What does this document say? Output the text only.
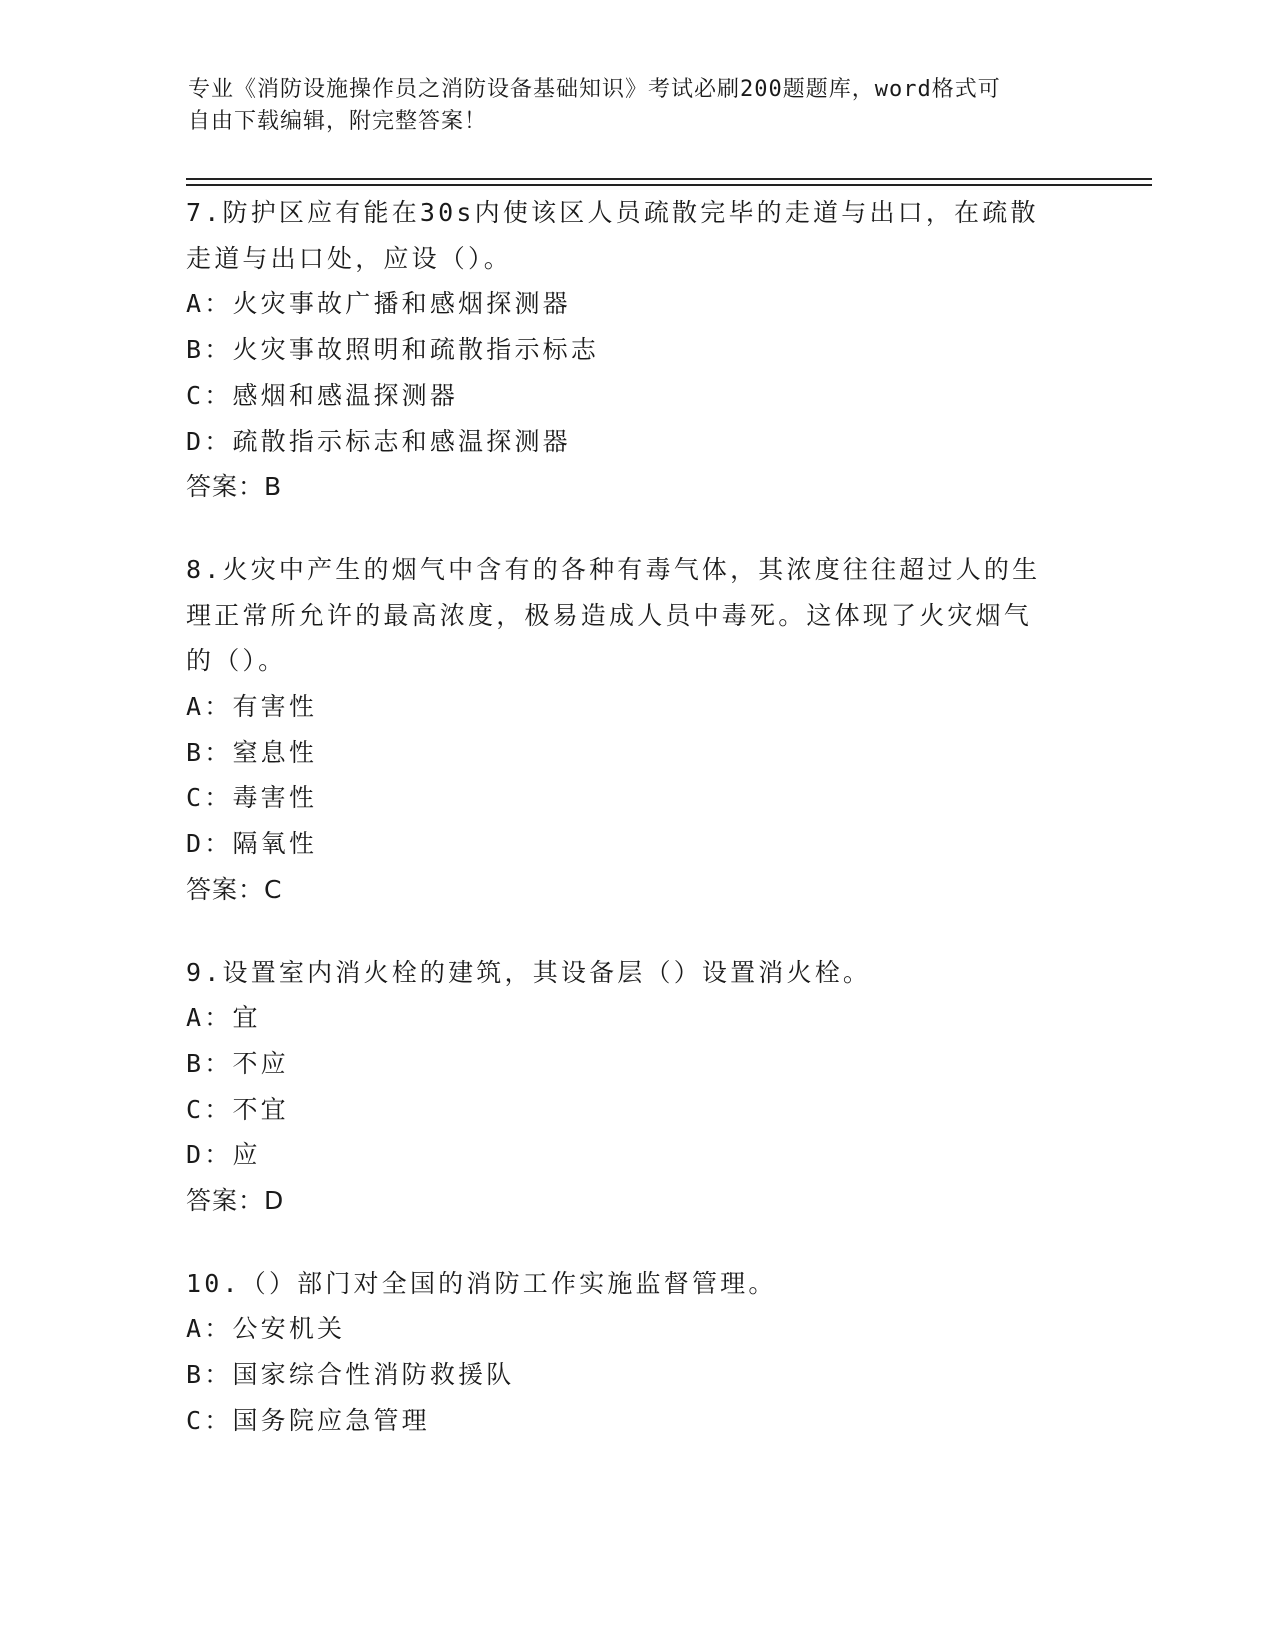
专业《消防设施操作员之消防设备基础知识》考试必刷200题题库，word格式可
自由下载编辑，附完整答案！
7.防护区应有能在30s内使该区人员疏散完毕的走道与出口，在疏散
走道与出口处，应设（）。
A：火灾事故广播和感烟探测器
B：火灾事故照明和疏散指示标志
C：感烟和感温探测器
D：疏散指示标志和感温探测器
答案：B
8.火灾中产生的烟气中含有的各种有毒气体，其浓度往往超过人的生
理正常所允许的最高浓度，极易造成人员中毒死。这体现了火灾烟气
的（）。
A：有害性
B：窒息性
C：毒害性
D：隔氧性
答案：C
9.设置室内消火栓的建筑，其设备层（）设置消火栓。
A：宜
B：不应
C：不宜
D：应
答案：D
10.（）部门对全国的消防工作实施监督管理。
A：公安机关
B：国家综合性消防救援队
C：国务院应急管理
